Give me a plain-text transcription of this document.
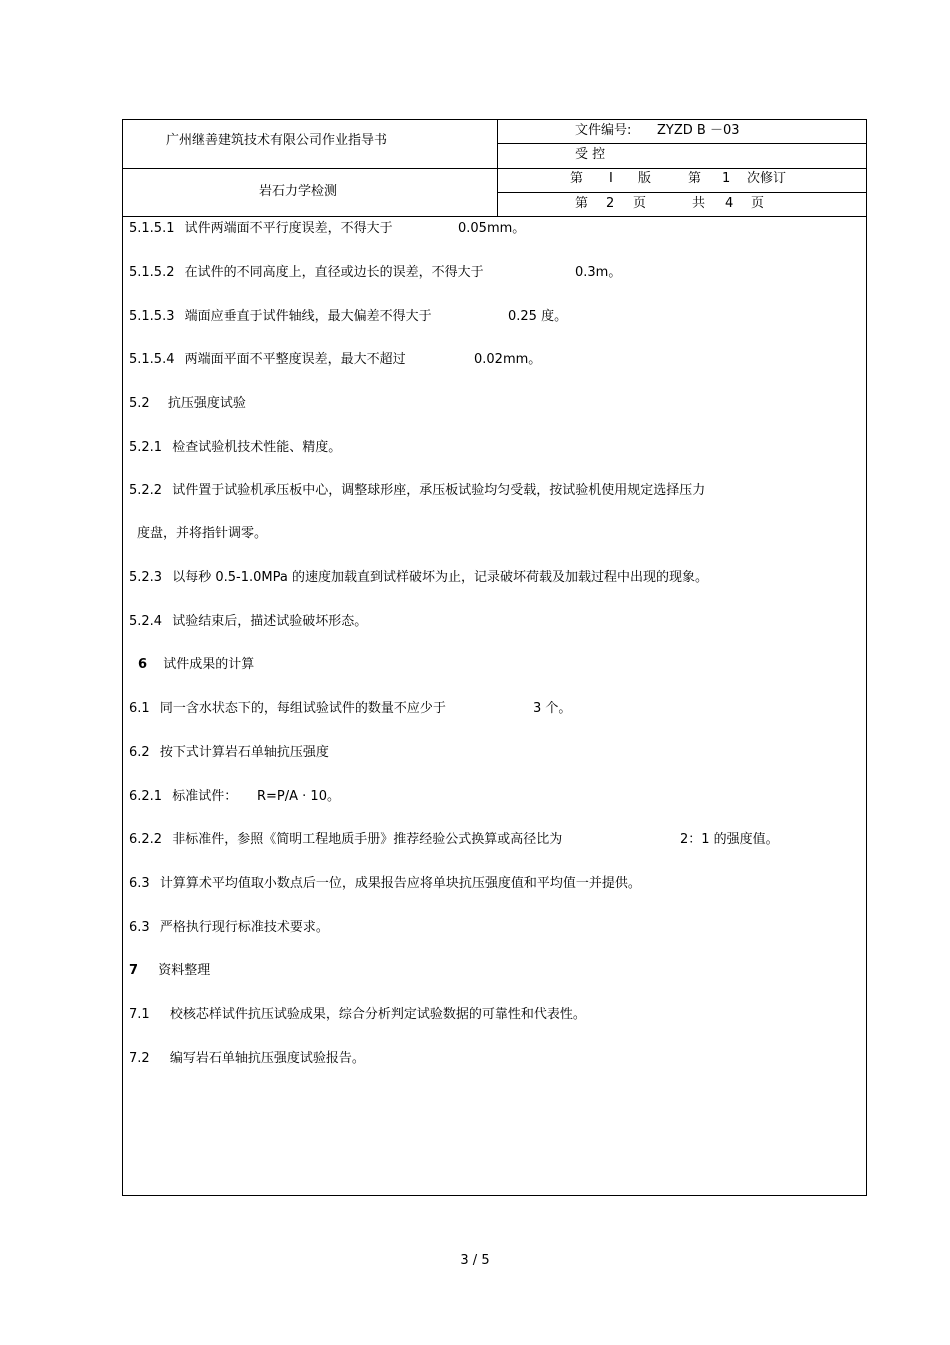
广州继善建筑技术有限公司作业指导书
文件编号: ZYZD B －03
受 控
岩石力学检测
第 I 版	第 1 次修订
第 2 页	共 4 页
5.1.5.1 试件两端面不平行度误差，不得大于	0.05mm。
5.1.5.2 在试件的不同高度上，直径或边长的误差，不得大于	0.3m。
5.1.5.3 端面应垂直于试件轴线，最大偏差不得大于	0.25 度。
5.1.5.4 两端面平面不平整度误差，最大不超过	0.02mm。
5.2 抗压强度试验
5.2.1 检查试验机技术性能、精度。
5.2.2 试件置于试验机承压板中心，调整球形座，承压板试验均匀受载，按试验机使用规定选择压力
度盘，并将指针调零。
5.2.3 以每秒 0.5-1.0MPa 的速度加载直到试样破坏为止，记录破坏荷载及加载过程中出现的现象。
5.2.4 试验结束后，描述试验破坏形态。
6 试件成果的计算
6.1 同一含水状态下的，每组试验试件的数量不应少于	3 个。
6.2 按下式计算岩石单轴抗压强度
6.2.1 标准试件： R=P/A · 10。
6.2.2 非标准件，参照《简明工程地质手册》推荐经验公式换算或高径比为	2：1 的强度值。
6.3 计算算术平均值取小数点后一位，成果报告应将单块抗压强度值和平均值一并提供。
6.3 严格执行现行标准技术要求。
7 资料整理
7.1 校核芯样试件抗压试验成果，综合分析判定试验数据的可靠性和代表性。
7.2 编写岩石单轴抗压强度试验报告。
3 / 5
